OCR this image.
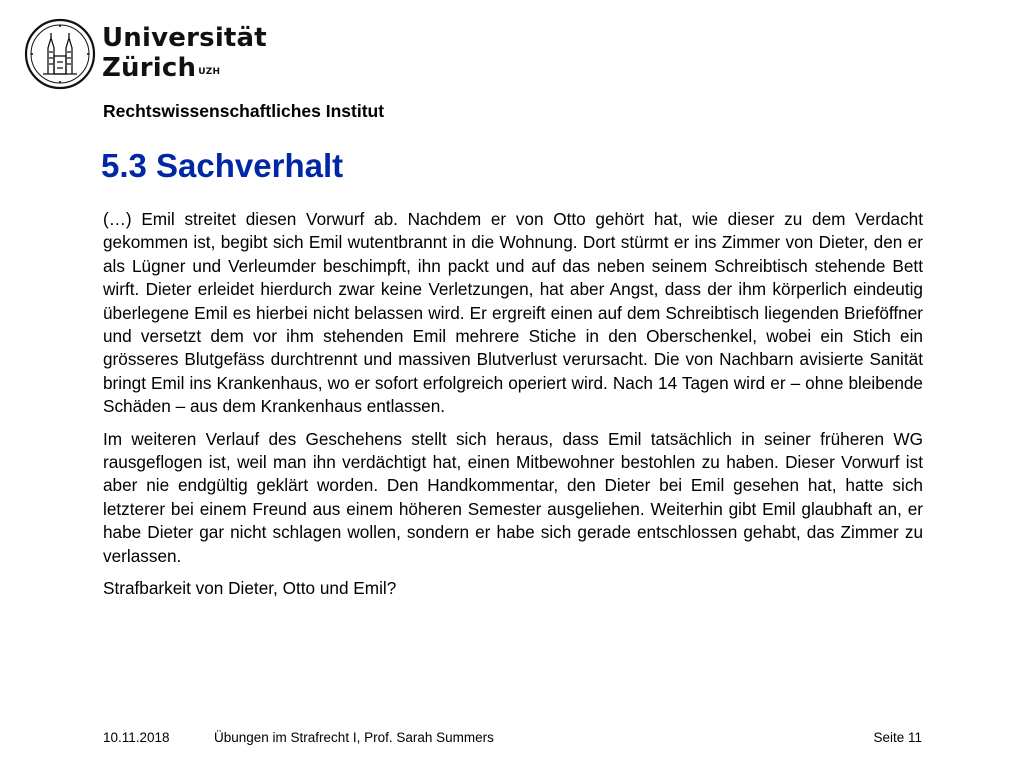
Universität
Zürich $^{UZH}$
Rechtswissenschaftliches Institut
5.3 Sachverhalt

(…) Emil streitet diesen Vorwurf ab. Nachdem er von Otto gehört hat, wie dieser zu dem Verdacht gekommen ist, begibt sich Emil wutentbrannt in die Wohnung. Dort stürmt er ins Zimmer von Dieter, den er als Lügner und Verleumder beschimpft, ihn packt und auf das neben seinem Schreibtisch stehende Bett wirft. Dieter erleidet hierdurch zwar keine Verletzungen, hat aber Angst, dass der ihm körperlich eindeutig überlegene Emil es hierbei nicht belassen wird. Er ergreift einen auf dem Schreibtisch liegenden Brieföffner und versetzt dem vor ihm stehenden Emil mehrere Stiche in den Oberschenkel, wobei ein Stich ein grösseres Blutgefäss durchtrennt und massiven Blutverlust verursacht. Die von Nachbarn avisierte Sanität bringt Emil ins Krankenhaus, wo er sofort erfolgreich operiert wird. Nach 14 Tagen wird er – ohne bleibende Schäden – aus dem Krankenhaus entlassen.

Im weiteren Verlauf des Geschehens stellt sich heraus, dass Emil tatsächlich in seiner früheren WG rausgeflogen ist, weil man ihn verdächtigt hat, einen Mitbewohner bestohlen zu haben. Dieser Vorwurf ist aber nie endgültig geklärt worden. Den Handkommentar, den Dieter bei Emil gesehen hat, hatte sich letzterer bei einem Freund aus einem höheren Semester ausgeliehen. Weiterhin gibt Emil glaubhaft an, er habe Dieter gar nicht schlagen wollen, sondern er habe sich gerade entschlossen gehabt, das Zimmer zu verlassen.

Strafbarkeit von Dieter, Otto und Emil?

10.11.2018	Übungen im Strafrecht I, Prof. Sarah Summers	Seite 11
